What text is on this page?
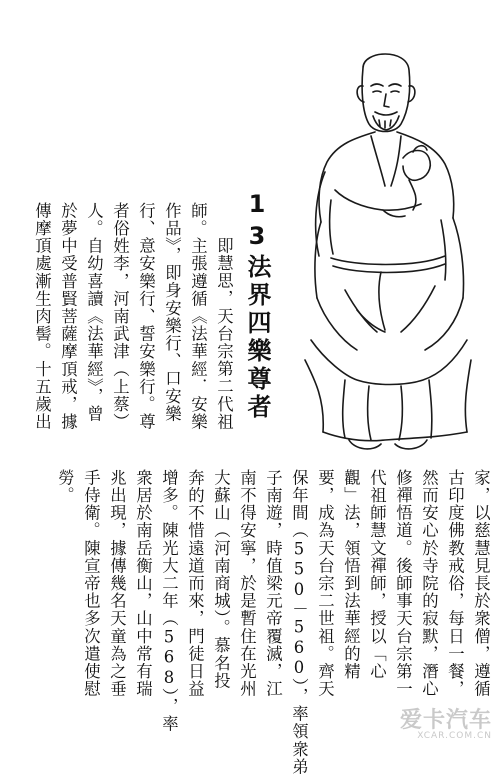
13法界四樂尊者
即慧思，天台宗第二代祖
師。主張遵循《法華經．安樂
作品》，即身安樂行、口安樂
行、意安樂行、誓安樂行。尊
者俗姓李，河南武津（上蔡）
人。自幼喜讀《法華經》，曾
於夢中受普賢菩薩摩頂戒，據
傳摩頂處漸生肉髻。十五歲出
家，以慈慧見長於衆僧，遵循
古印度佛教戒俗，每日一餐，
然而安心於寺院的寂默，潛心
修禪悟道。後師事天台宗第一
代祖師慧文禪師，授以「心
觀」法，領悟到法華經的精
要，成為天台宗二世祖。齊天
保年間（550－560），率領衆弟
子南遊，時值梁元帝覆滅，江
南不得安寧，於是暫住在光州
大蘇山（河南商城）。慕名投
奔的不惜遠道而來，門徒日益
增多。陳光大二年（568），率
衆居於南岳衡山，山中常有瑞
兆出現，據傳幾名天童為之垂
手侍衛。陳宣帝也多次遣使慰
勞。
爱卡汽车
XCAR.COM.CN
